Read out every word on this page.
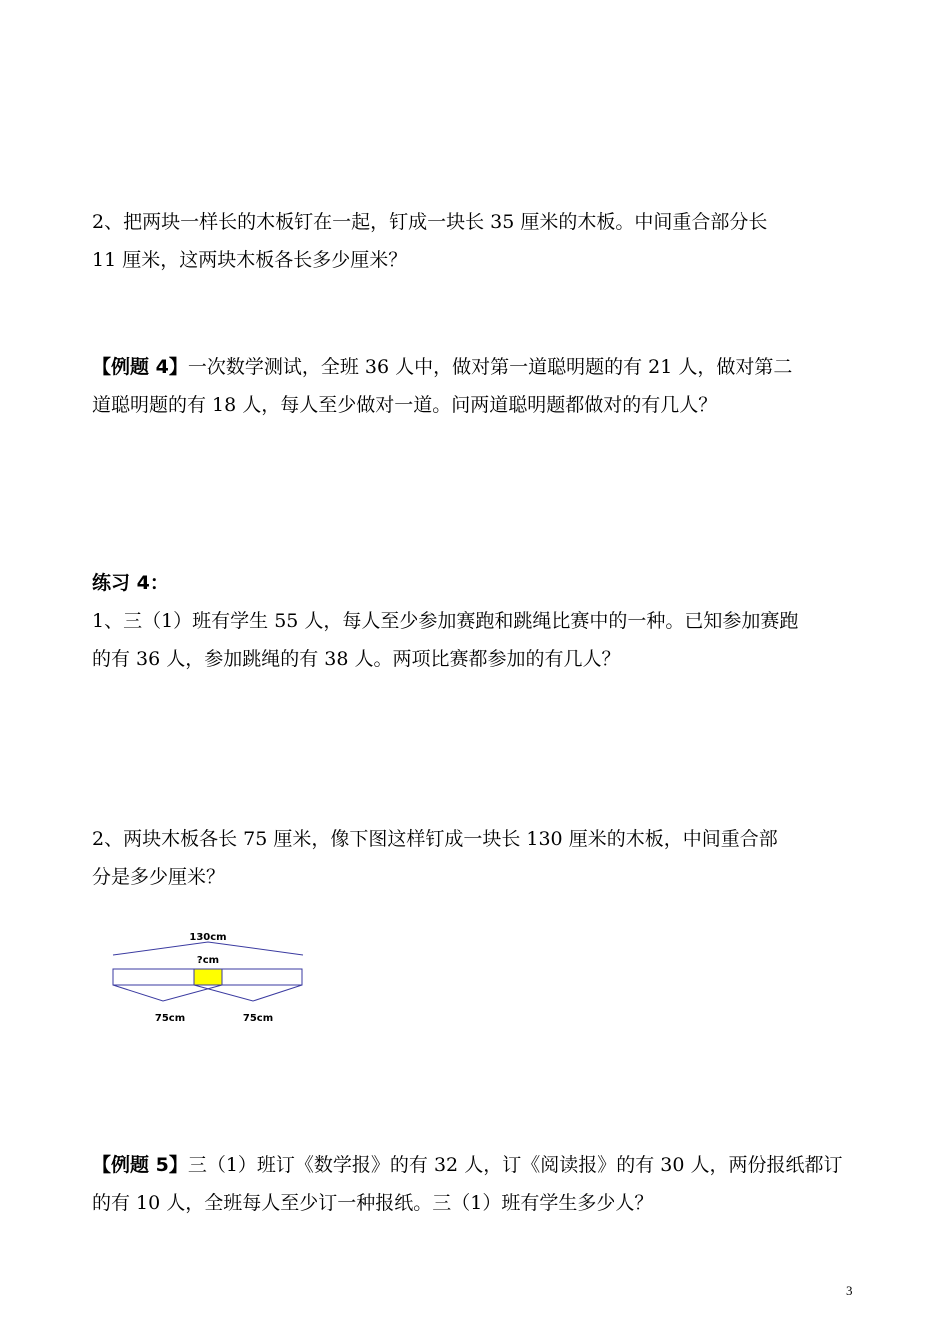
2、把两块一样长的木板钉在一起，钉成一块长 35 厘米的木板。中间重合部分长

11 厘米，这两块木板各长多少厘米？

【例题 4】一次数学测试，全班 36 人中，做对第一道聪明题的有 21 人，做对第二

道聪明题的有 18 人，每人至少做对一道。问两道聪明题都做对的有几人？

练习 4：

1、三（1）班有学生 55 人，每人至少参加赛跑和跳绳比赛中的一种。已知参加赛跑

的有 36 人，参加跳绳的有 38 人。两项比赛都参加的有几人？

2、两块木板各长 75 厘米，像下图这样钉成一块长 130 厘米的木板，中间重合部

分是多少厘米？

130cm
?cm
75cm	75cm

【例题 5】三（1）班订《数学报》的有 32 人，订《阅读报》的有 30 人，两份报纸都订

的有 10 人，全班每人至少订一种报纸。三（1）班有学生多少人？

3
